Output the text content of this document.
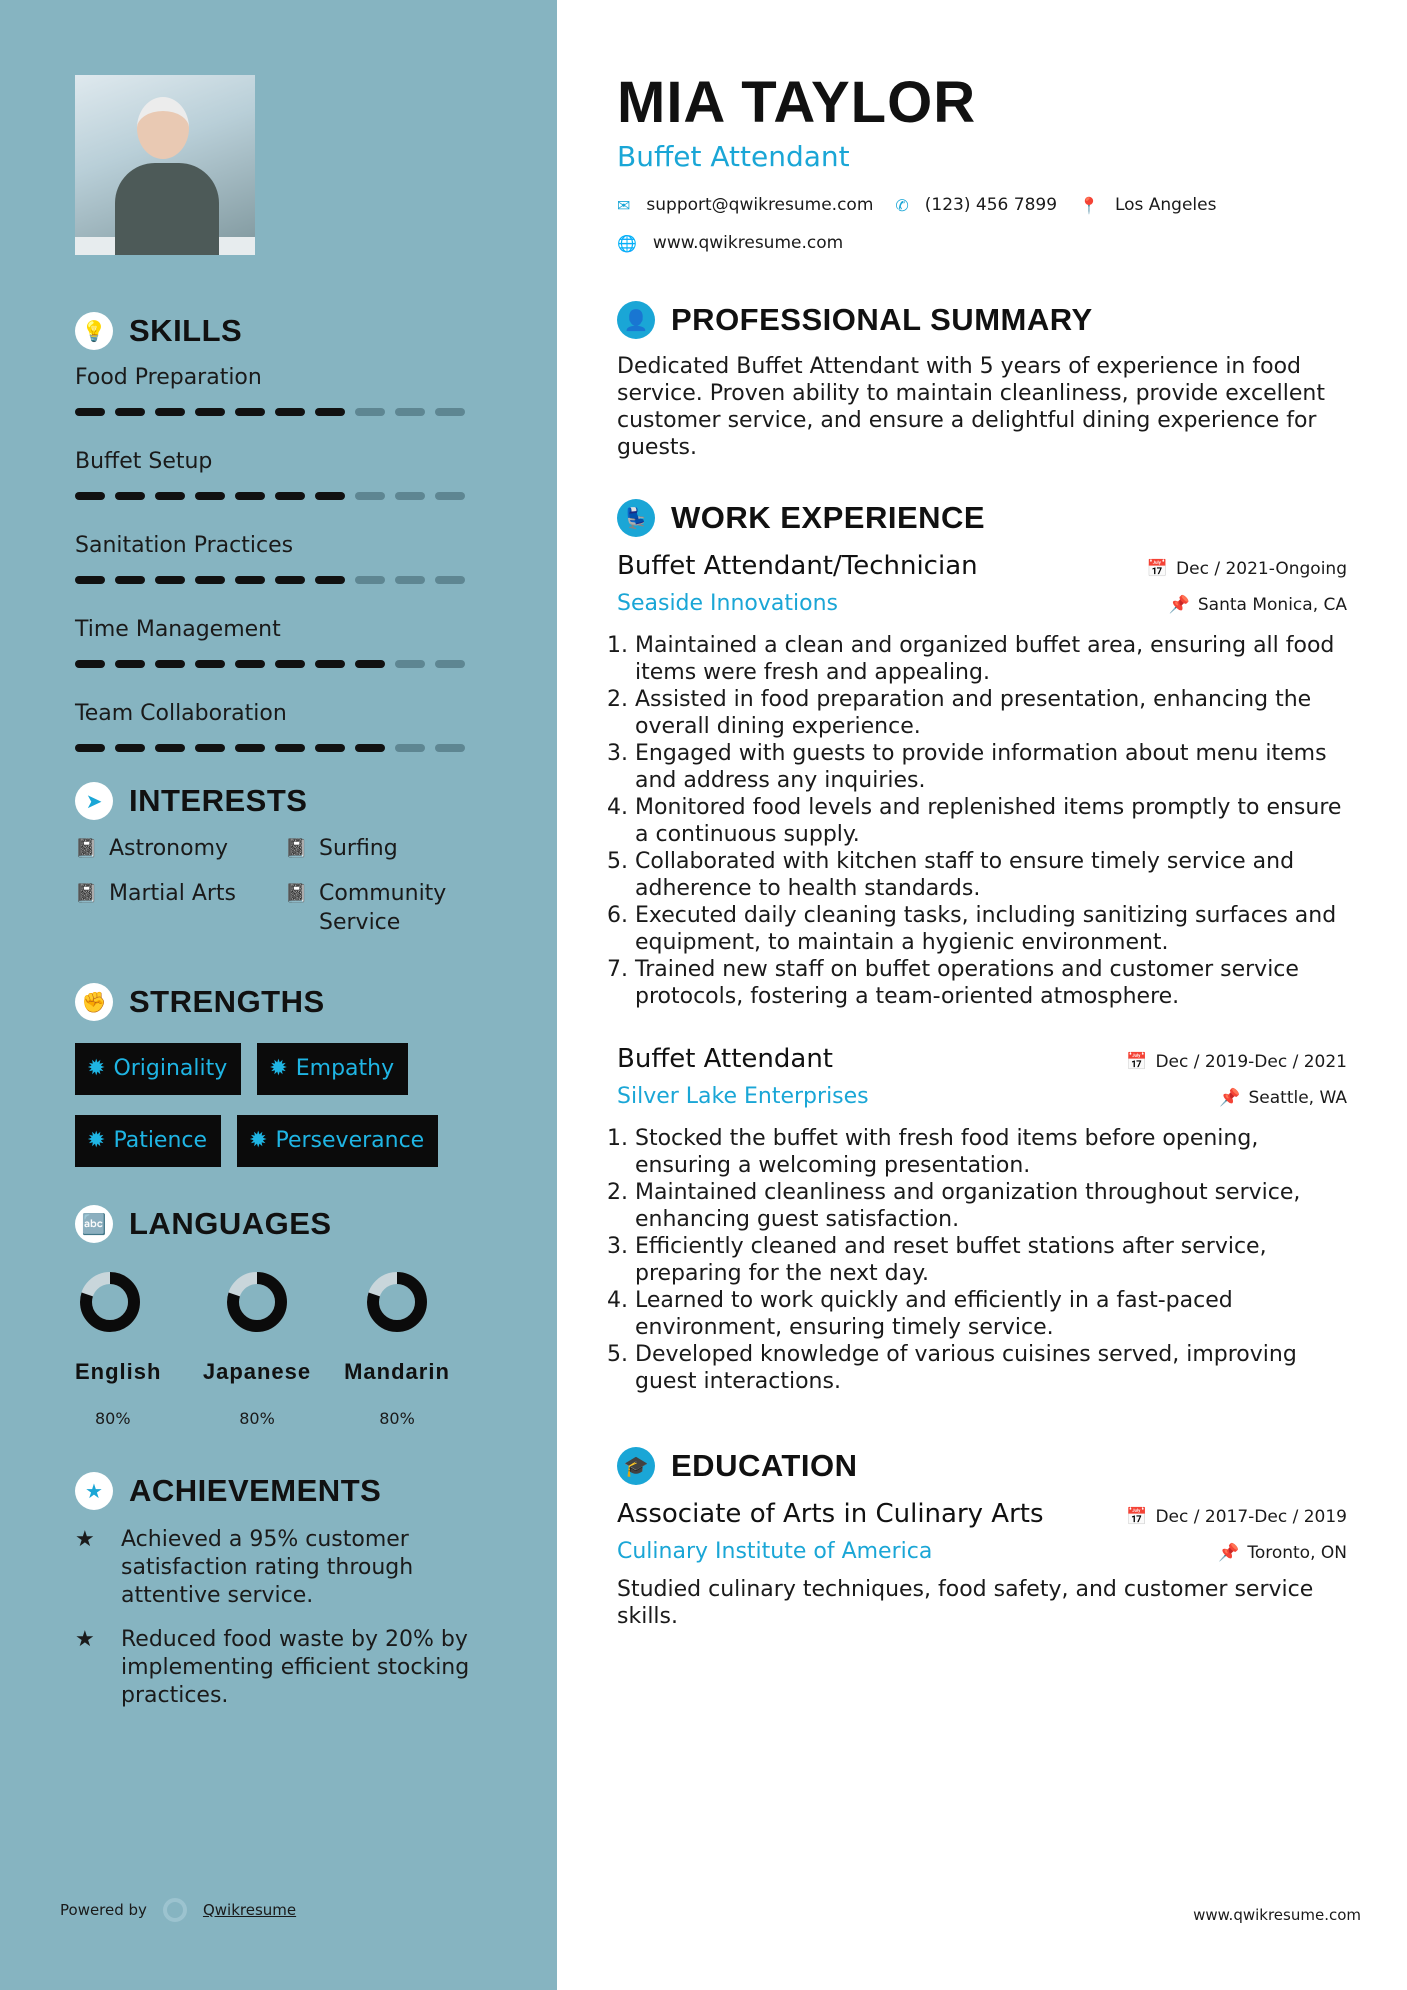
💡 SKILLS
Food Preparation
Buffet Setup
Sanitation Practices
Time Management
Team Collaboration
➤ INTERESTS
📓 Astronomy	📓 Surfing
📓 Martial Arts	📓 Community Service
✊ STRENGTHS
✹ Originality ✹ Empathy
✹ Patience ✹ Perseverance
🔤 LANGUAGES
English
80%
Japanese
80%
Mandarin
80%
★ ACHIEVEMENTS
★	Achieved a 95% customer satisfaction rating through attentive service.
★	Reduced food waste by 20% by implementing efficient stocking practices.
Powered by	Qwikresume
MIA TAYLOR
Buffet Attendant
✉ support@qwikresume.com ✆ (123) 456 7899 📍 Los Angeles
🌐 www.qwikresume.com
👤 PROFESSIONAL SUMMARY
Dedicated Buffet Attendant with 5 years of experience in food service. Proven ability to maintain cleanliness, provide excellent customer service, and ensure a delightful dining experience for guests.
💺 WORK EXPERIENCE
Buffet Attendant/Technician	📅 Dec / 2021-Ongoing
Seaside Innovations	📌 Santa Monica, CA
1. Maintained a clean and organized buffet area, ensuring all food items were fresh and appealing.
2. Assisted in food preparation and presentation, enhancing the overall dining experience.
3. Engaged with guests to provide information about menu items and address any inquiries.
4. Monitored food levels and replenished items promptly to ensure a continuous supply.
5. Collaborated with kitchen staff to ensure timely service and adherence to health standards.
6. Executed daily cleaning tasks, including sanitizing surfaces and equipment, to maintain a hygienic environment.
7. Trained new staff on buffet operations and customer service protocols, fostering a team-oriented atmosphere.
Buffet Attendant	📅 Dec / 2019-Dec / 2021
Silver Lake Enterprises	📌 Seattle, WA
1. Stocked the buffet with fresh food items before opening, ensuring a welcoming presentation.
2. Maintained cleanliness and organization throughout service, enhancing guest satisfaction.
3. Efficiently cleaned and reset buffet stations after service, preparing for the next day.
4. Learned to work quickly and efficiently in a fast-paced environment, ensuring timely service.
5. Developed knowledge of various cuisines served, improving guest interactions.
🎓 EDUCATION
Associate of Arts in Culinary Arts	📅 Dec / 2017-Dec / 2019
Culinary Institute of America	📌 Toronto, ON
Studied culinary techniques, food safety, and customer service skills.
www.qwikresume.com
